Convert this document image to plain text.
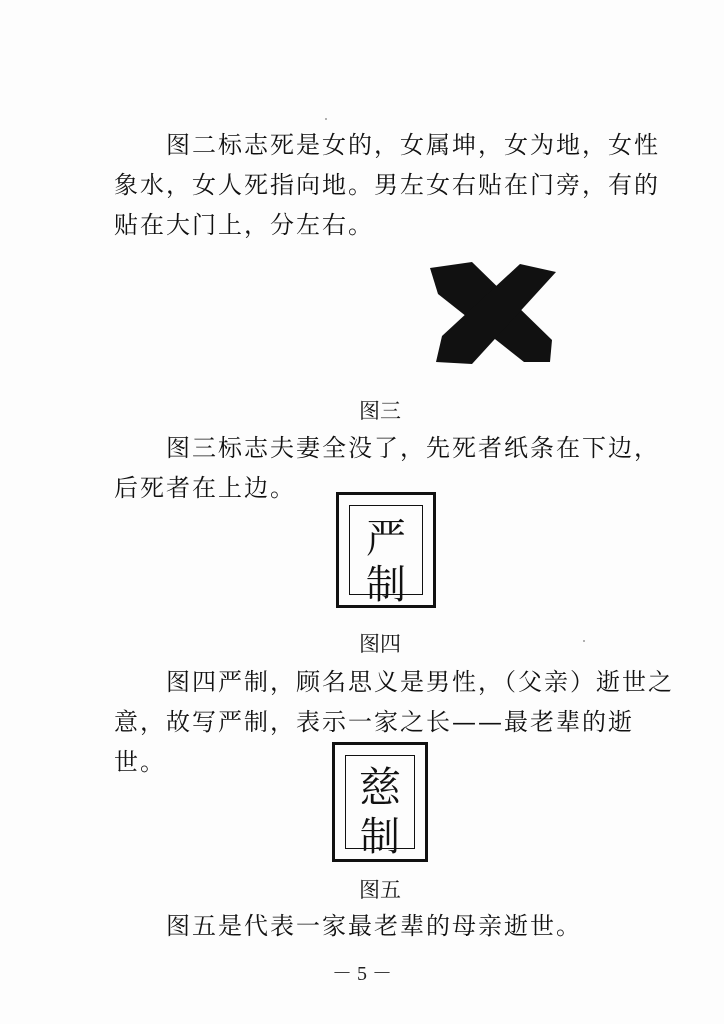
图二标志死是女的，女属坤，女为地，女性象水，女人死指向地。男左女右贴在门旁，有的贴在大门上，分左右。

图三

图三标志夫妻全没了，先死者纸条在下边，后死者在上边。

严
制
图四

图四严制，顾名思义是男性，（父亲）逝世之意，故写严制，表示一家之长——最老辈的逝世。

慈
制
图五

图五是代表一家最老辈的母亲逝世。

－ 5 －
